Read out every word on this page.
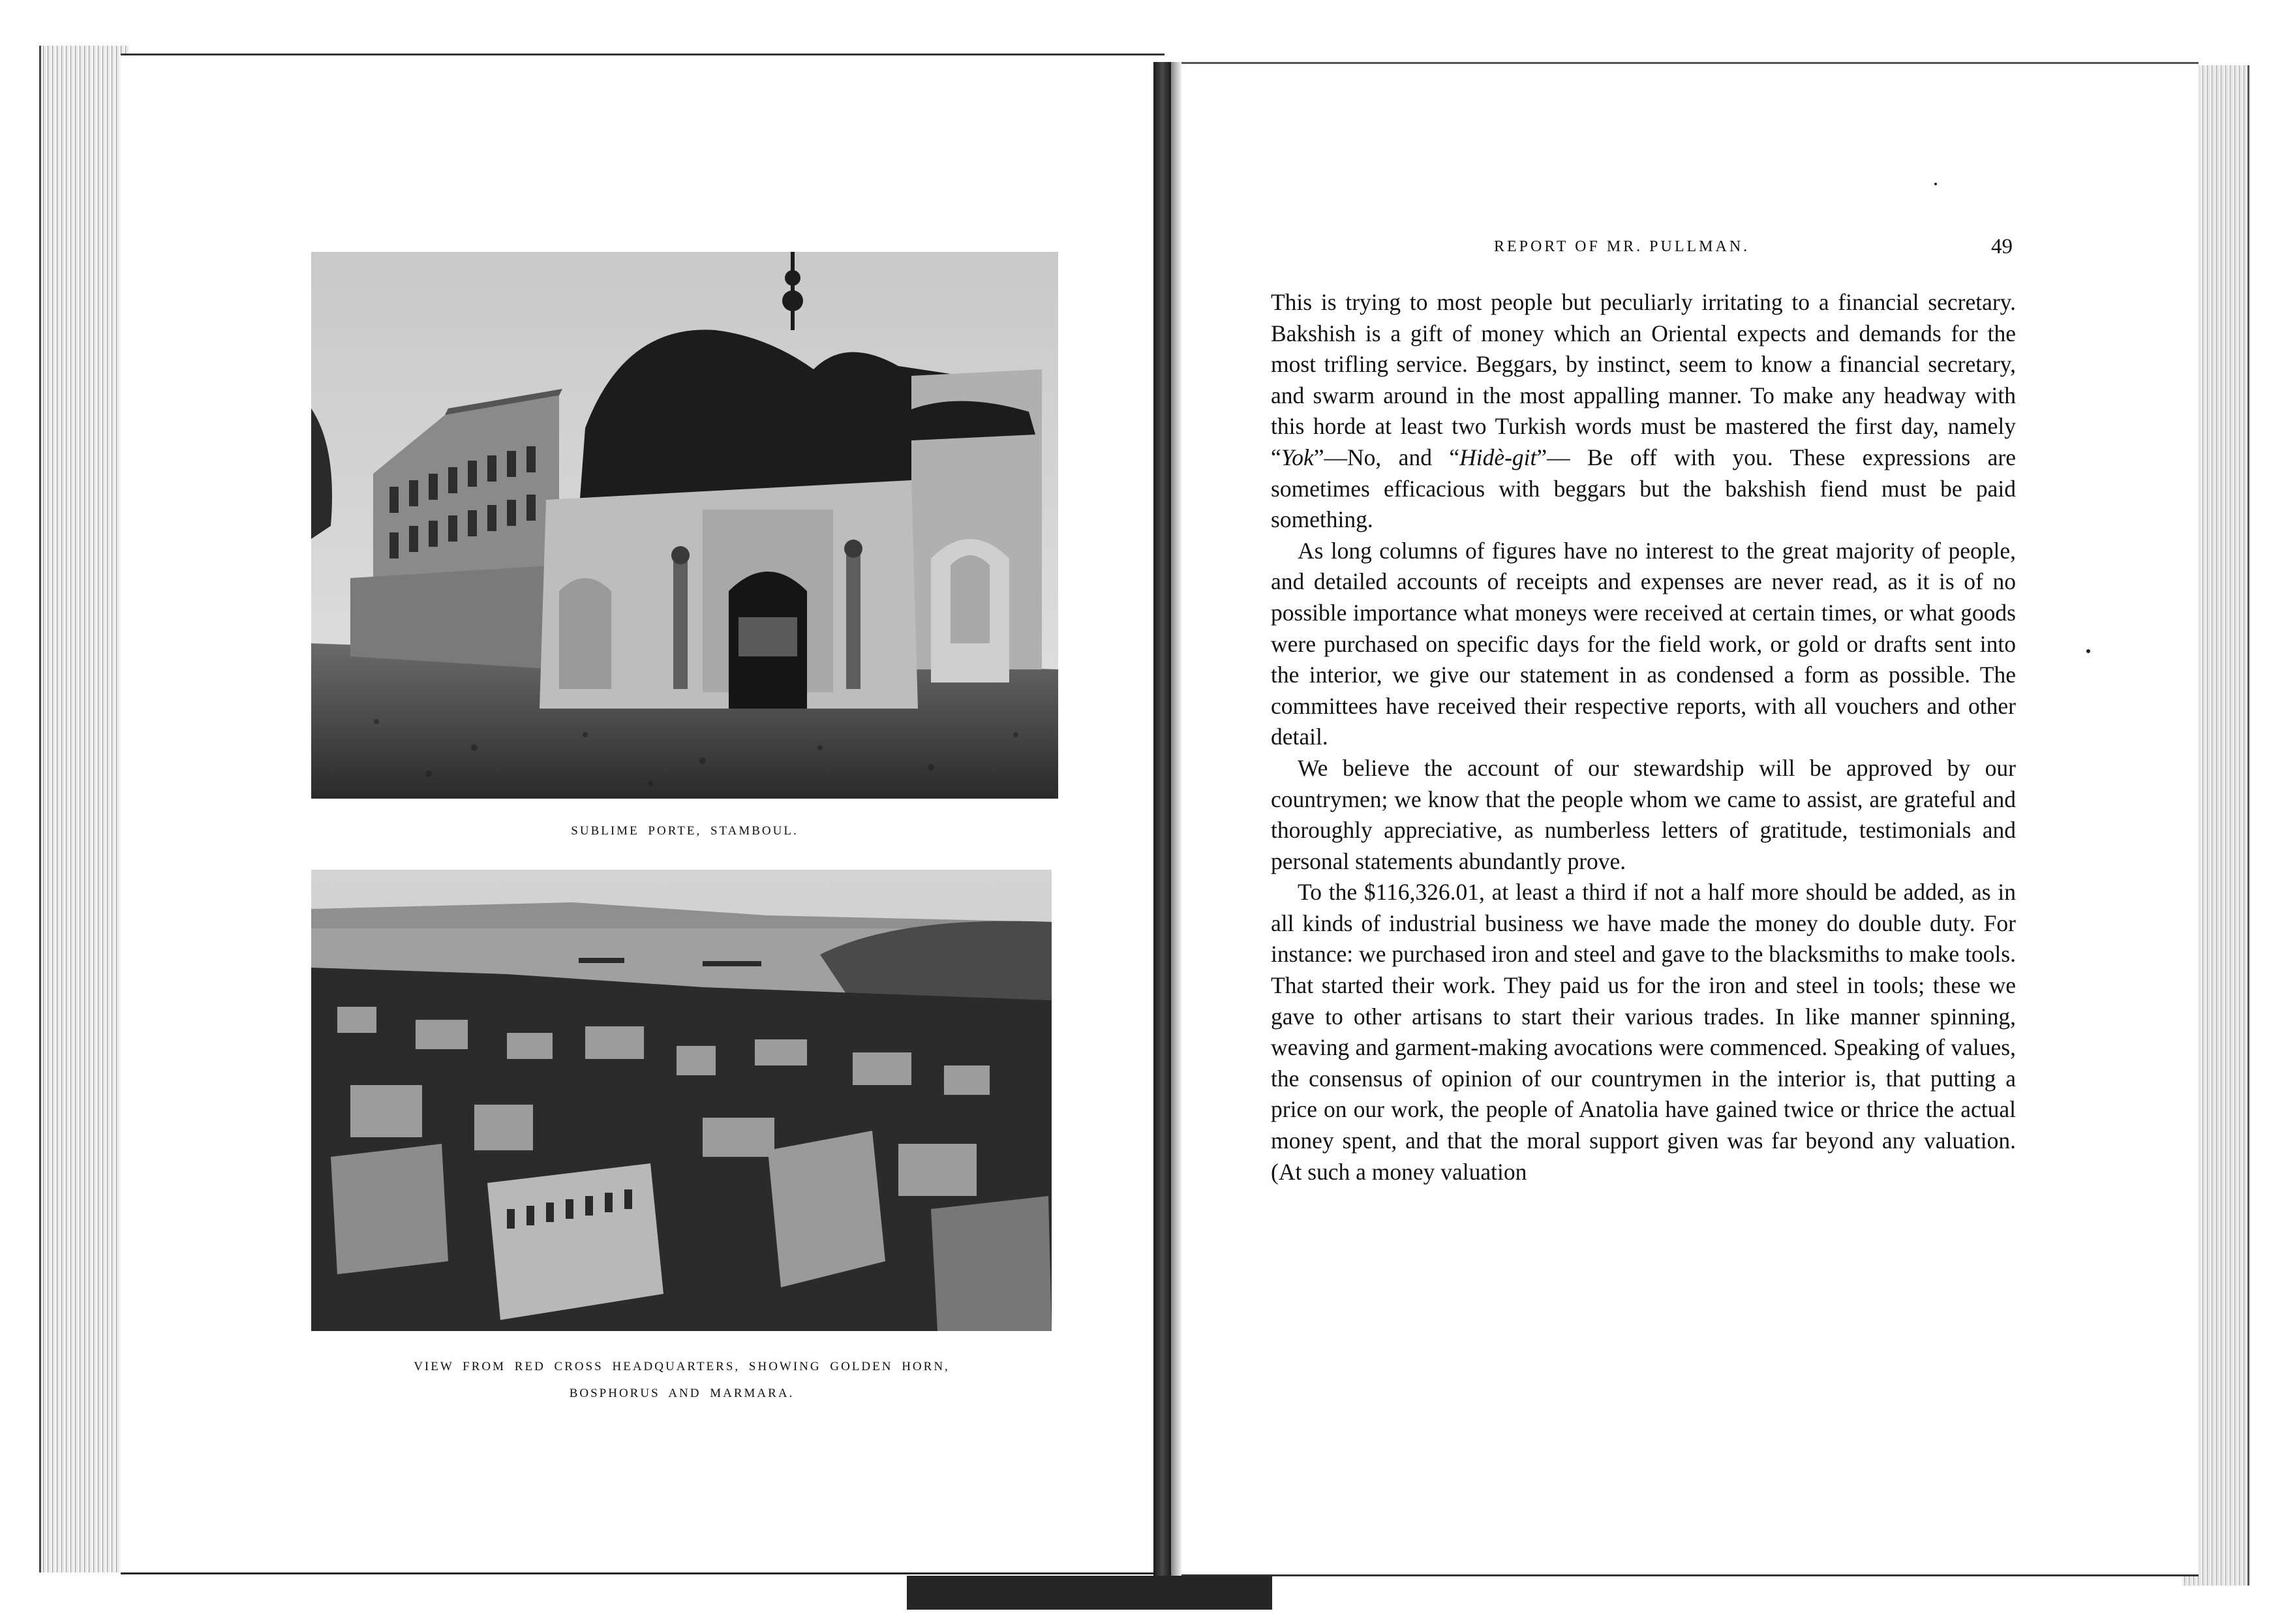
SUBLIME PORTE, STAMBOUL.
VIEW FROM RED CROSS HEADQUARTERS, SHOWING GOLDEN HORN,
BOSPHORUS AND MARMARA.
REPORT OF MR. PULLMAN.	49

This is trying to most people but peculiarly irritating to a financial secretary. Bakshish is a gift of money which an Oriental expects and demands for the most trifling service. Beggars, by instinct, seem to know a financial secretary, and swarm around in the most appalling manner. To make any headway with this horde at least two Turkish words must be mastered the first day, namely “Yok”—No, and “Hidè-git”— Be off with you. These expressions are sometimes efficacious with beggars but the bakshish fiend must be paid something.

As long columns of figures have no interest to the great majority of people, and detailed accounts of receipts and expenses are never read, as it is of no possible importance what moneys were received at certain times, or what goods were purchased on specific days for the field work, or gold or drafts sent into the interior, we give our statement in as condensed a form as possible. The committees have received their respective reports, with all vouchers and other detail.

We believe the account of our stewardship will be approved by our countrymen; we know that the people whom we came to assist, are grateful and thoroughly appreciative, as numberless letters of gratitude, testimonials and personal statements abundantly prove.

To the $116,326.01, at least a third if not a half more should be added, as in all kinds of industrial business we have made the money do double duty. For instance: we purchased iron and steel and gave to the blacksmiths to make tools. That started their work. They paid us for the iron and steel in tools; these we gave to other artisans to start their various trades. In like manner spinning, weaving and garment-making avocations were commenced. Speaking of values, the consensus of opinion of our countrymen in the interior is, that putting a price on our work, the people of Anatolia have gained twice or thrice the actual money spent, and that the moral support given was far beyond any valuation. (At such a money valuation
